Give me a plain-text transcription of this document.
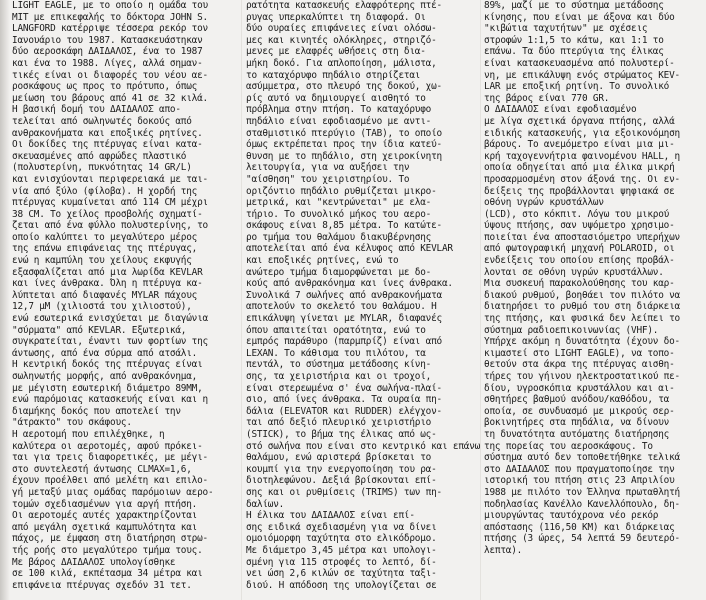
LIGHT EAGLE, με το οποίο η ομάδα του
MIT με επικεφαλής το δόκτορα JOHN S.
LANGFORD κατέρριψε τέσσερα ρεκόρ τον
Ιανουάριο του 1987. Κατασκευάστηκαν
δύο αεροσκάφη ΔΑΙΔΑΛΟΣ, ένα το 1987
και ένα το 1988. Λίγες, αλλά σημαν-
τικές είναι οι διαφορές του νέου αε-
ροσκάφους ως προς το πρότυπο, όπως
μείωση του βάρους από 41 σε 32 κιλά.
Η βασική δομή του ΔΑΙΔΑΛΟΣ απο-
τελείται από σωληνωτές δοκούς από
ανθρακονήματα και εποξικές ρητίνες.
Οι δοκίδες της πτέρυγας είναι κατα-
σκευασμένες από αφρώδες πλαστικό
(πολυστερίνη, πυκνότητας 14 GR/L)
και ενισχύονται περιφερειακά με ται-
νία από ξύλο (φίλοβα). Η χορδή της
πτέρυγας κυμαίνεται από 114 CM μέχρι
38 CM. Το χείλος προσβολής σχηματί-
ζεται από ένα φύλλο πολυστερίνης, το
οποίο καλύπτει το μεγαλύτερο μέρος
της επάνω επιφάνειας της πτέρυγας,
ενώ η καμπύλη του χείλους εκφυγής
εξασφαλίζεται από μια λωρίδα KEVLAR
και ίνες άνθρακα. Όλη η πτέρυγα κα-
λύπτεται από διαφανές MYLAR πάχους
12,7 μM (χιλιοστά του χιλιοστού),
ενώ εσωτερικά ενισχύεται με διαγώνια
"σύρματα" από KEVLAR. Εξωτερικά,
συγκρατείται, έναντι των φορτίων της
άντωσης, από ένα σύρμα από ατσάλι.
Η κεντρική δοκός της πτέρυγας είναι
σωληνωτής μορφής, από ανθρακόνημα,
με μέγιστη εσωτερική διάμετρο 89MM,
ενώ παρόμοιας κατασκευής είναι και η
διαμήκης δοκός που αποτελεί την
"άτρακτο" του σκάφους.
Η αεροτομή που επιλέχθηκε, η
καλύτερα οι αεροτομές, αφού πρόκει-
ται για τρεις διαφορετικές, με μέγι-
στο συντελεστή άντωσης CLMAX=1,6,
έχουν προέλθει από μελέτη και επιλο-
γή μεταξύ μιας ομάδας παρόμοιων αερο-
τομών σχεδιασμένων για αργή πτήση.
Οι αεροτομές αυτές χαρακτηρίζονται
από μεγάλη σχετικά καμπυλότητα και
πάχος, με έμφαση στη διατήρηση στρω-
τής ροής στο μεγαλύτερο τμήμα τους.
Με βάρος ΔΑΙΔΑΛΟΣ υπολογίσθηκε
σε 100 κιλά, εκπέτασμα 34 μέτρα και
επιφάνεια πτέρυγας σχεδόν 31 τετ.
ρατότητα κατασκευής ελαφρότερης πτέ-
ρυγας υπερκαλύπτει τη διαφορά. Οι
δύο ουραίες επιφάνειες είναι ολόσω-
μες και κινητές ολόκληρες, στηριζό-
μενες με ελαφρές ωθήσεις στη δια-
μήκη δοκό. Για απλοποίηση, μάλιστα,
το καταχόρυφο πηδάλιο στηρίζεται
ασύμμετρα, στο πλευρό της δοκού, χω-
ρίς αυτό να δημιουργεί αισθητό το
πρόβλημα στην πτήση. Το καταχόρυφο
πηδάλιο είναι εφοδιασμένο με αντι-
σταθμιστικό πτερύγιο (TAB), το οποίο
όμως εκτρέπεται προς την ίδια κατεύ-
θυνση με το πηδάλιο, στη χειροκίνητη
λειτουργία, για να αυξήσει την
"αίσθηση" του χειριστηρίου. Το
οριζόντιο πηδάλιο ρυθμίζεται μικρο-
μετρικά, και "κεντρώνεται" με ελα-
τήριο. Το συνολικό μήκος του αερο-
σκάφους είναι 8,85 μέτρα. Το κατώτε-
ρο τμήμα του θαλάμου διακυβέρνησης
αποτελείται από ένα κέλυφος από KEVLAR
και εποξικές ρητίνες, ενώ το
ανώτερο τμήμα διαμορφώνεται με δο-
κούς από ανθρακόνημα και ίνες άνθρακα.
Συνολικά 7 σωλήνες από ανθρακονήματα
αποτελούν το σκελετό του θαλάμου. Η
επικάλυψη γίνεται με MYLAR, διαφανές
όπου απαιτείται ορατότητα, ενώ το
εμπρός παράθυρο (παρμπρίζ) είναι από
LEXAN. Το κάθισμα του πιλότου, τα
πεντάλ, το σύστημα μετάδοσης κίνη-
σης, τα χειριστήρια και οι τροχοί,
είναι στερεωμένα σ' ένα σωλήνα-πλαί-
σιο, από ίνες άνθρακα. Τα ουραία πη-
δάλια (ELEVATOR και RUDDER) ελέγχον-
ται από δεξιό πλευρικό χειριστήριο
(STICK), το βήμα της έλικας από ως-
στό σωλήνα που είναι στο κεντρικό και επάνω
θαλάμου, ενώ αριστερά βρίσκεται το
κουμπί για την ενεργοποίηση του ρα-
διοτηλεφώνου. Δεξιά βρίσκονται επί-
σης και οι ρυθμίσεις (TRIMS) των πη-
δαλίων.
Η έλικα του ΔΑΙΔΑΛΟΣ είναι επί-
σης ειδικά σχεδιασμένη για να δίνει
ομοιόμορφη ταχύτητα στο ελικόδρομο.
Με διάμετρο 3,45 μέτρα και υπολογι-
σμένη για 115 στροφές το λεπτό, δί-
νει ώση 2,6 κιλών σε ταχύτητα ταξι-
διού. Η απόδοση της υπολογίζεται σε
89%, μαζί με το σύστημα μετάδοσης
κίνησης, που είναι με άξονα και δύο
"κιβώτια ταχυτήτων" με σχέσεις
στροφών 1:1,5 το κάτω, και 1:1 το
επάνω. Τα δύο πτερύγια της έλικας
είναι κατασκευασμένα από πολυστερί-
νη, με επικάλυψη ενός στρώματος KEV-
LAR με εποξική ρητίνη. Το συνολικό
της βάρος είναι 770 GR.
Ο ΔΑΙΔΑΛΟΣ είναι εφοδιασμένο
με λίγα σχετικά όργανα πτήσης, αλλά
ειδικής κατασκευής, για εξοικονόμηση
βάρους. Το ανεμόμετρο είναι μια μι-
κρή ταχογεννήτρια φαινομένου HALL, η
οποία οδηγείται από μια έλικα μικρή
προσαρμοσμένη στον άξονά της. Οι εν-
δείξεις της προβάλλονται ψηφιακά σε
οθόνη υγρών κρυστάλλων
(LCD), στο κόκπιτ. Λόγω του μικρού
ύψους πτήσης, σαν υψόμετρο χρησιμο-
ποιείται ένα αποστασιόμετρο υπερήχων
από φωτογραφική μηχανή POLAROID, οι
ενδείξεις του οποίου επίσης προβάλ-
λονται σε οθόνη υγρών κρυστάλλων.
Μια συσκευή παρακολούθησης του καρ-
διακού ρυθμού, βοηθάει τον πιλότο να
διατηρήσει το ρυθμό του στη διάρκεια
της πτήσης, και φυσικά δεν λείπει το
σύστημα ραδιοεπικοινωνίας (VHF).
Υπήρχε ακόμη η δυνατότητα (έχουν δο-
κιμαστεί στο LIGHT EAGLE), να τοπο-
θετούν στα άκρα της πτέρυγας αισθη-
τήρες του γήινου ηλεκτροστατικού πε-
δίου, υγροσκόπια κρυστάλλου και αι-
σθητήρες βαθμού ανόδου/καθόδου, τα
οποία, σε συνδυασμό με μικρούς σερ-
βοκινητήρες στα πηδάλια, να δίνουν
τη δυνατότητα αυτόματης διατήρησης
της πορείας του αεροσκάφους. Το
σύστημα αυτό δεν τοποθετήθηκε τελικά
στο ΔΑΙΔΑΛΟΣ που πραγματοποίησε την
ιστορική του πτήση στις 23 Απριλίου
1988 με πιλότο τον Έλληνα πρωταθλητή
ποδηλασίας Κανέλλο Κανελλόπουλο, δη-
μιουργώντας ταυτόχρονα νέο ρεκόρ
απόστασης (116,50 KM) και διάρκειας
πτήσης (3 ώρες, 54 λεπτά 59 δευτερό-
λεπτα).
